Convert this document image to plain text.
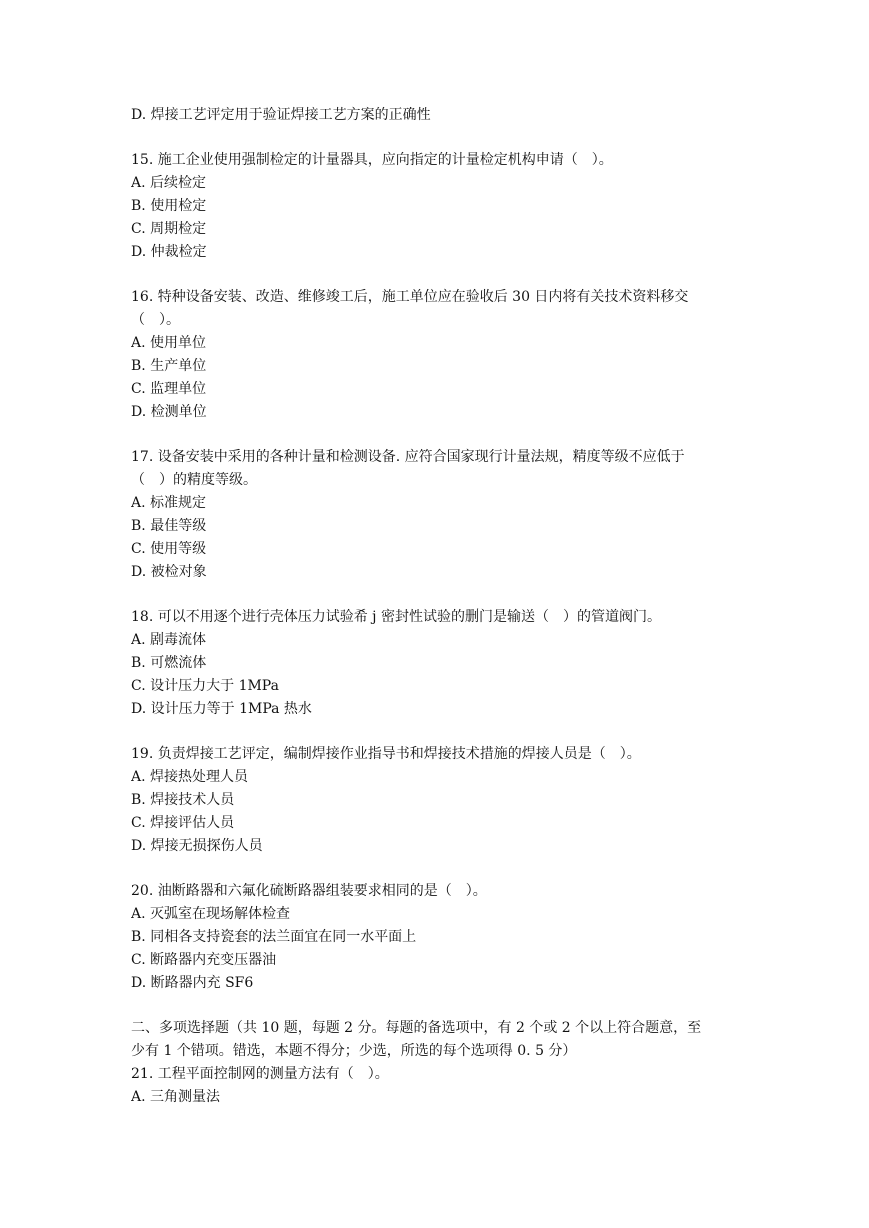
D. 焊接工艺评定用于验证焊接工艺方案的正确性
15. 施工企业使用强制检定的计量器具，应向指定的计量检定机构申请（　）。
A. 后续检定
B. 使用检定
C. 周期检定
D. 仲裁检定
16. 特种设备安装、改造、维修竣工后，施工单位应在验收后 30 日内将有关技术资料移交
（　）。
A. 使用单位
B. 生产单位
C. 监理单位
D. 检测单位
17. 设备安装中采用的各种计量和检测设备. 应符合国家现行计量法规，精度等级不应低于
（　）的精度等级。
A. 标准规定
B. 最佳等级
C. 使用等级
D. 被检对象
18. 可以不用逐个进行壳体压力试验希 j 密封性试验的删门是输送（　）的管道阀门。
A. 剧毒流体
B. 可燃流体
C. 设计压力大于 1MPa
D. 设计压力等于 1MPa 热水
19. 负责焊接工艺评定，编制焊接作业指导书和焊接技术措施的焊接人员是（　）。
A. 焊接热处理人员
B. 焊接技术人员
C. 焊接评估人员
D. 焊接无损探伤人员
20. 油断路器和六氟化硫断路器组装要求相同的是（　）。
A. 灭弧室在现场解体检查
B. 同相各支持瓷套的法兰面宜在同一水平面上
C. 断路器内充变压器油
D. 断路器内充 SF6
二、多项选择题（共 10 题，每题 2 分。每题的备选项中，有 2 个或 2 个以上符合题意，至
少有 1 个错项。错选，本题不得分；少选，所选的每个选项得 0. 5 分）
21. 工程平面控制网的测量方法有（　）。
A. 三角测量法
